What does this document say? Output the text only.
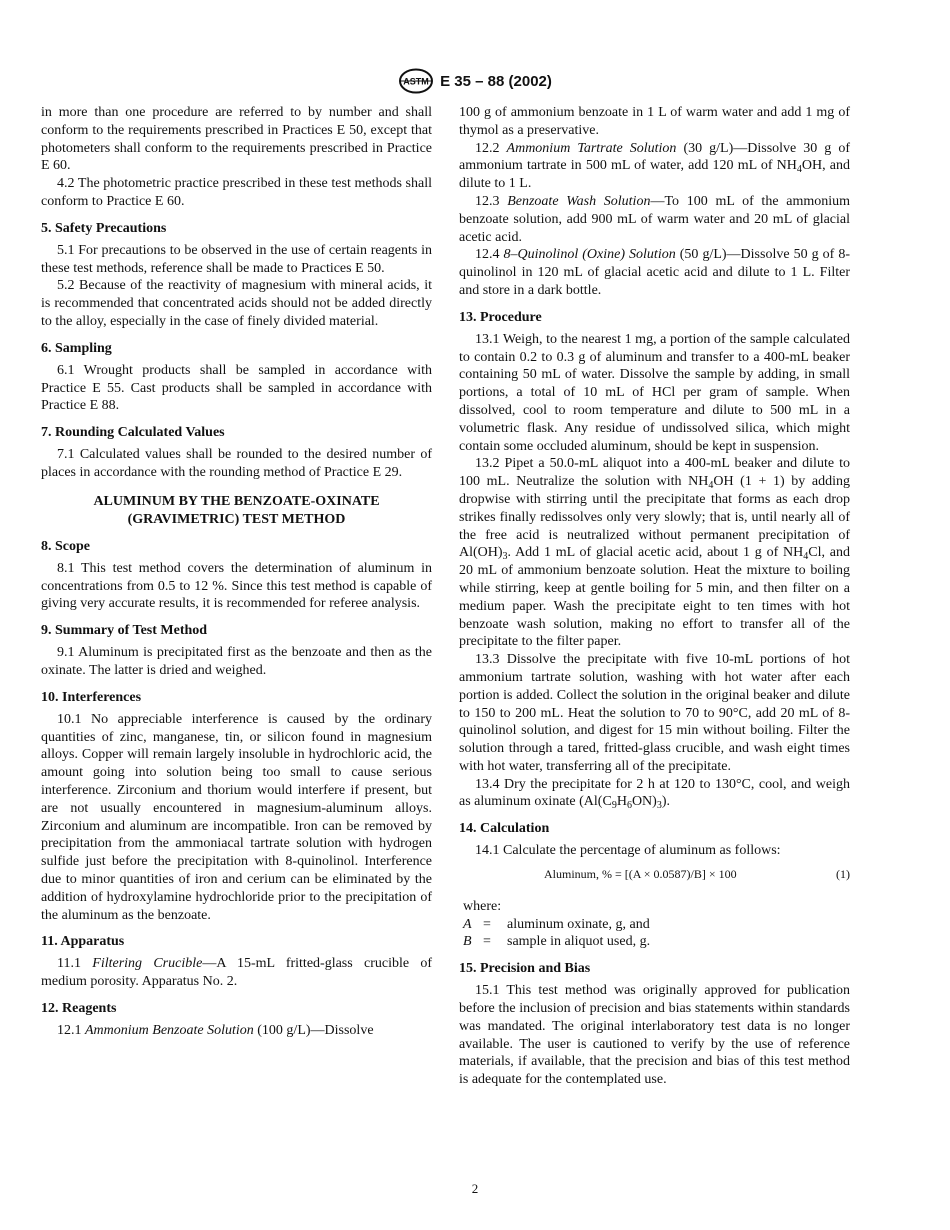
ASTM E 35 – 88 (2002)

in more than one procedure are referred to by number and shall conform to the requirements prescribed in Practices E 50, except that photometers shall conform to the requirements prescribed in Practice E 60.

4.2 The photometric practice prescribed in these test methods shall conform to Practice E 60.

5. Safety Precautions

5.1 For precautions to be observed in the use of certain reagents in these test methods, reference shall be made to Practices E 50.

5.2 Because of the reactivity of magnesium with mineral acids, it is recommended that concentrated acids should not be added directly to the alloy, especially in the case of finely divided material.

6. Sampling

6.1 Wrought products shall be sampled in accordance with Practice E 55. Cast products shall be sampled in accordance with Practice E 88.

7. Rounding Calculated Values

7.1 Calculated values shall be rounded to the desired number of places in accordance with the rounding method of Practice E 29.

ALUMINUM BY THE BENZOATE-OXINATE (GRAVIMETRIC) TEST METHOD
8. Scope

8.1 This test method covers the determination of aluminum in concentrations from 0.5 to 12 %. Since this test method is capable of giving very accurate results, it is recommended for referee analysis.

9. Summary of Test Method

9.1 Aluminum is precipitated first as the benzoate and then as the oxinate. The latter is dried and weighed.

10. Interferences

10.1 No appreciable interference is caused by the ordinary quantities of zinc, manganese, tin, or silicon found in magnesium alloys. Copper will remain largely insoluble in hydrochloric acid, the amount going into solution being too small to cause serious interference. Zirconium and thorium would interfere if present, but are not usually encountered in magnesium-aluminum alloys. Zirconium and aluminum are incompatible. Iron can be removed by precipitation from the ammoniacal tartrate solution with hydrogen sulfide just before the precipitation with 8-quinolinol. Interference due to minor quantities of iron and cerium can be eliminated by the addition of hydroxylamine hydrochloride prior to the precipitation of the aluminum as the benzoate.

11. Apparatus

11.1 Filtering Crucible—A 15-mL fritted-glass crucible of medium porosity. Apparatus No. 2.

12. Reagents

12.1 Ammonium Benzoate Solution (100 g/L)—Dissolve

100 g of ammonium benzoate in 1 L of warm water and add 1 mg of thymol as a preservative.

12.2 Ammonium Tartrate Solution (30 g/L)—Dissolve 30 g of ammonium tartrate in 500 mL of water, add 120 mL of $NH_4OH$, and dilute to 1 L.

12.3 Benzoate Wash Solution—To 100 mL of the ammonium benzoate solution, add 900 mL of warm water and 20 mL of glacial acetic acid.

12.4 8–Quinolinol (Oxine) Solution (50 g/L)—Dissolve 50 g of 8-quinolinol in 120 mL of glacial acetic acid and dilute to 1 L. Filter and store in a dark bottle.

13. Procedure

13.1 Weigh, to the nearest 1 mg, a portion of the sample calculated to contain 0.2 to 0.3 g of aluminum and transfer to a 400-mL beaker containing 50 mL of water. Dissolve the sample by adding, in small portions, a total of 10 mL of HCl per gram of sample. When dissolved, cool to room temperature and dilute to 500 mL in a volumetric flask. Any residue of undissolved silica, which might contain some occluded aluminum, should be kept in suspension.

13.2 Pipet a 50.0-mL aliquot into a 400-mL beaker and dilute to 100 mL. Neutralize the solution with $NH_4OH$ (1 + 1) by adding dropwise with stirring until the precipitate that forms as each drop strikes finally redissolves only very slowly; that is, until nearly all of the free acid is neutralized without permanent precipitation of $Al(OH)_3$. Add 1 mL of glacial acetic acid, about 1 g of $NH_4Cl$, and 20 mL of ammonium benzoate solution. Heat the mixture to boiling while stirring, keep at gentle boiling for 5 min, and then filter on a medium paper. Wash the precipitate eight to ten times with hot benzoate wash solution, making no effort to transfer all of the precipitate to the filter paper.

13.3 Dissolve the precipitate with five 10-mL portions of hot ammonium tartrate solution, washing with hot water after each portion is added. Collect the solution in the original beaker and dilute to 150 to 200 mL. Heat the solution to 70 to 90°C, add 20 mL of 8-quinolinol solution, and digest for 15 min without boiling. Filter the solution through a tared, fritted-glass crucible, and wash eight times with hot water, transferring all of the precipitate.

13.4 Dry the precipitate for 2 h at 120 to 130°C, cool, and weigh as aluminum oxinate $(Al(C_9H_6ON)_3)$.

14. Calculation

14.1 Calculate the percentage of aluminum as follows:

Aluminum, % = [(A × 0.0587)/B] × 100	(1)
where:
A =	aluminum oxinate, g, and
B =	sample in aliquot used, g.
15. Precision and Bias

15.1 This test method was originally approved for publication before the inclusion of precision and bias statements within standards was mandated. The original interlaboratory test data is no longer available. The user is cautioned to verify by the use of reference materials, if available, that the precision and bias of this test method is adequate for the contemplated use.

2
